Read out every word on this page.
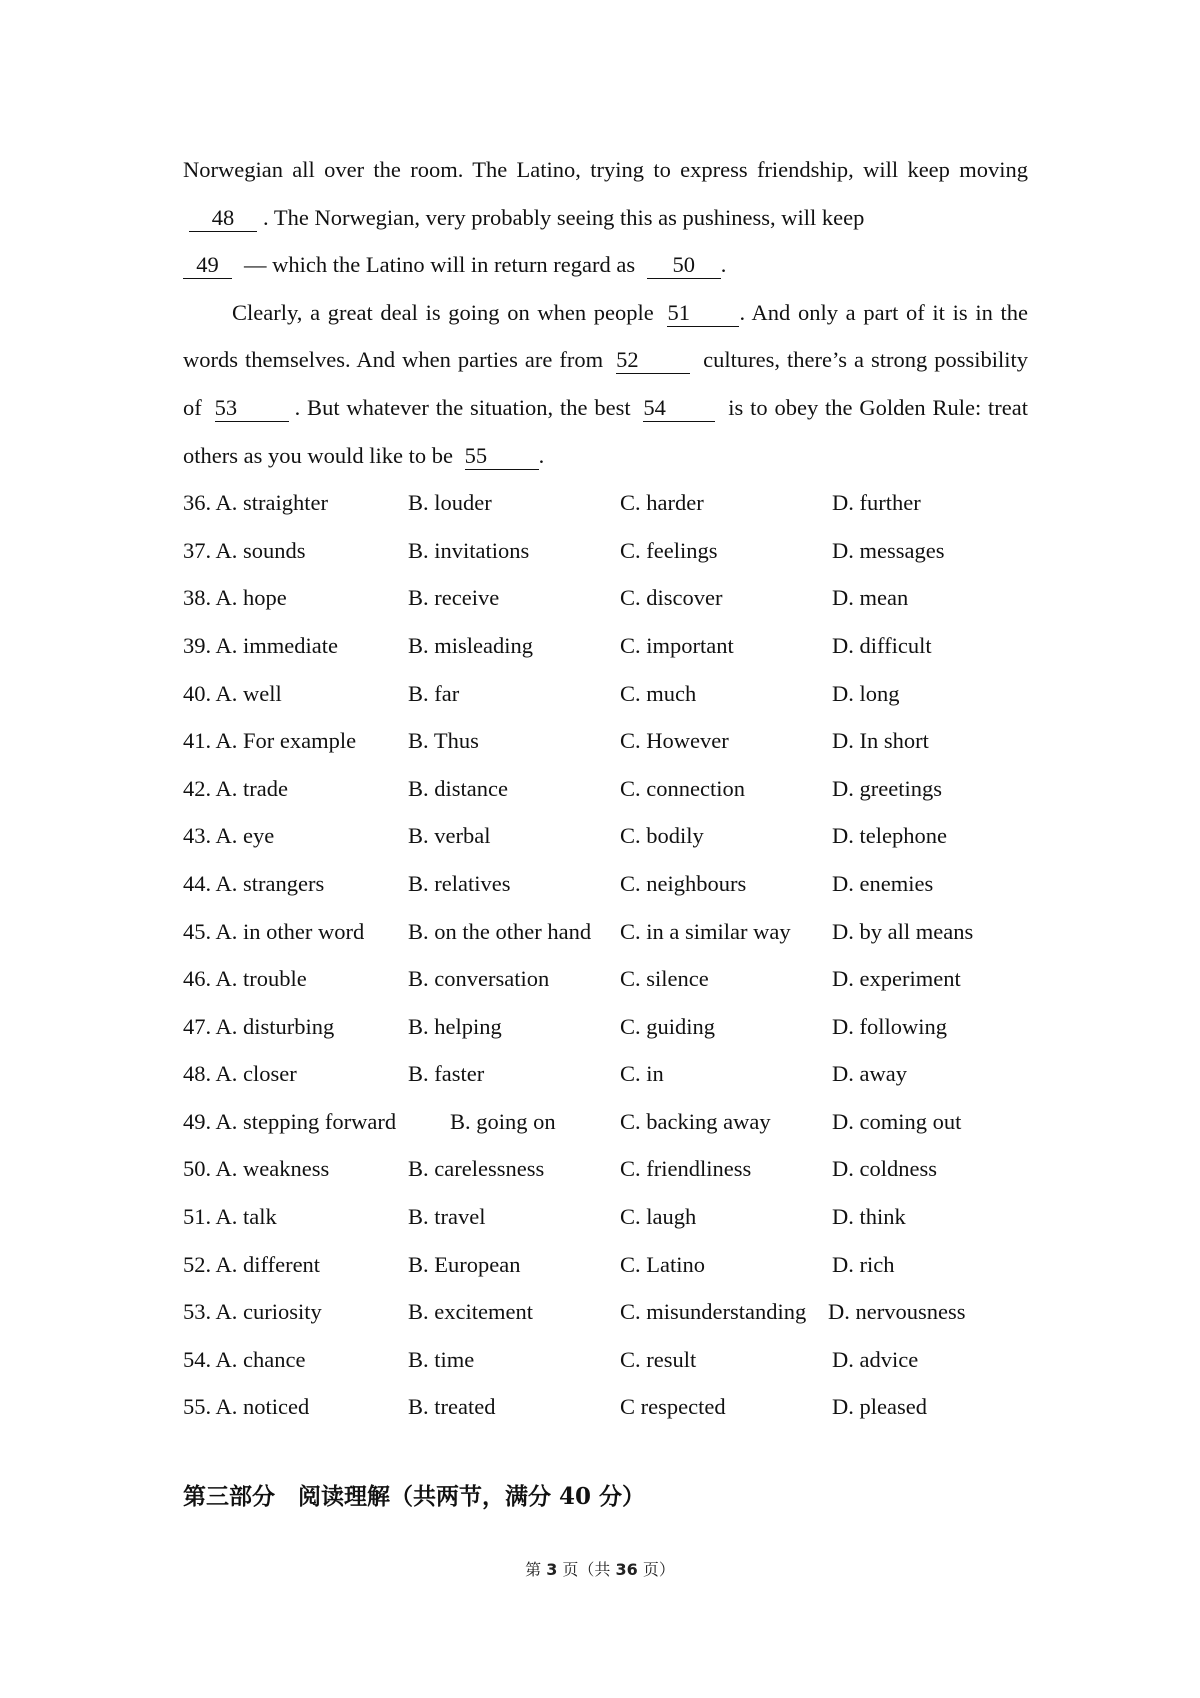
Norwegian all over the room. The Latino, trying to express friendship, will keep moving 48 . The Norwegian, very probably seeing this as pushiness, will keep
49 — which the Latino will in return regard as 50 .

Clearly, a great deal is going on when people 51 . And only a part of it is in the words themselves. And when parties are from 52	cultures, there’s a strong possibility of 53	. But whatever the situation, the best 54	is to obey the Golden Rule: treat others as you would like to be 55 .

36. A. straighter	B. louder	C. harder	D. further
37. A. sounds	B. invitations	C. feelings	D. messages
38. A. hope	B. receive	C. discover	D. mean
39. A. immediate	B. misleading	C. important	D. difficult
40. A. well	B. far	C. much	D. long
41. A. For example B. Thus	C. However	D. In short
42. A. trade	B. distance	C. connection	D. greetings
43. A. eye	B. verbal	C. bodily	D. telephone
44. A. strangers	B. relatives	C. neighbours	D. enemies
45. A. in other word B. on the other hand C. in a similar way D. by all means
46. A. trouble	B. conversation	C. silence	D. experiment
47. A. disturbing	B. helping	C. guiding	D. following
48. A. closer	B. faster	C. in	D. away
49. A. stepping forward B. going on	C. backing away	D. coming out
50. A. weakness	B. carelessness	C. friendliness	D. coldness
51. A. talk	B. travel	C. laugh	D. think
52. A. different	B. European	C. Latino	D. rich
53. A. curiosity	B. excitement	C. misunderstanding D. nervousness
54. A. chance	B. time	C. result	D. advice
55. A. noticed	B. treated	C respected	D. pleased
第三部分　阅读理解（共两节，满分 40 分）
第 3 页（共 36 页）
